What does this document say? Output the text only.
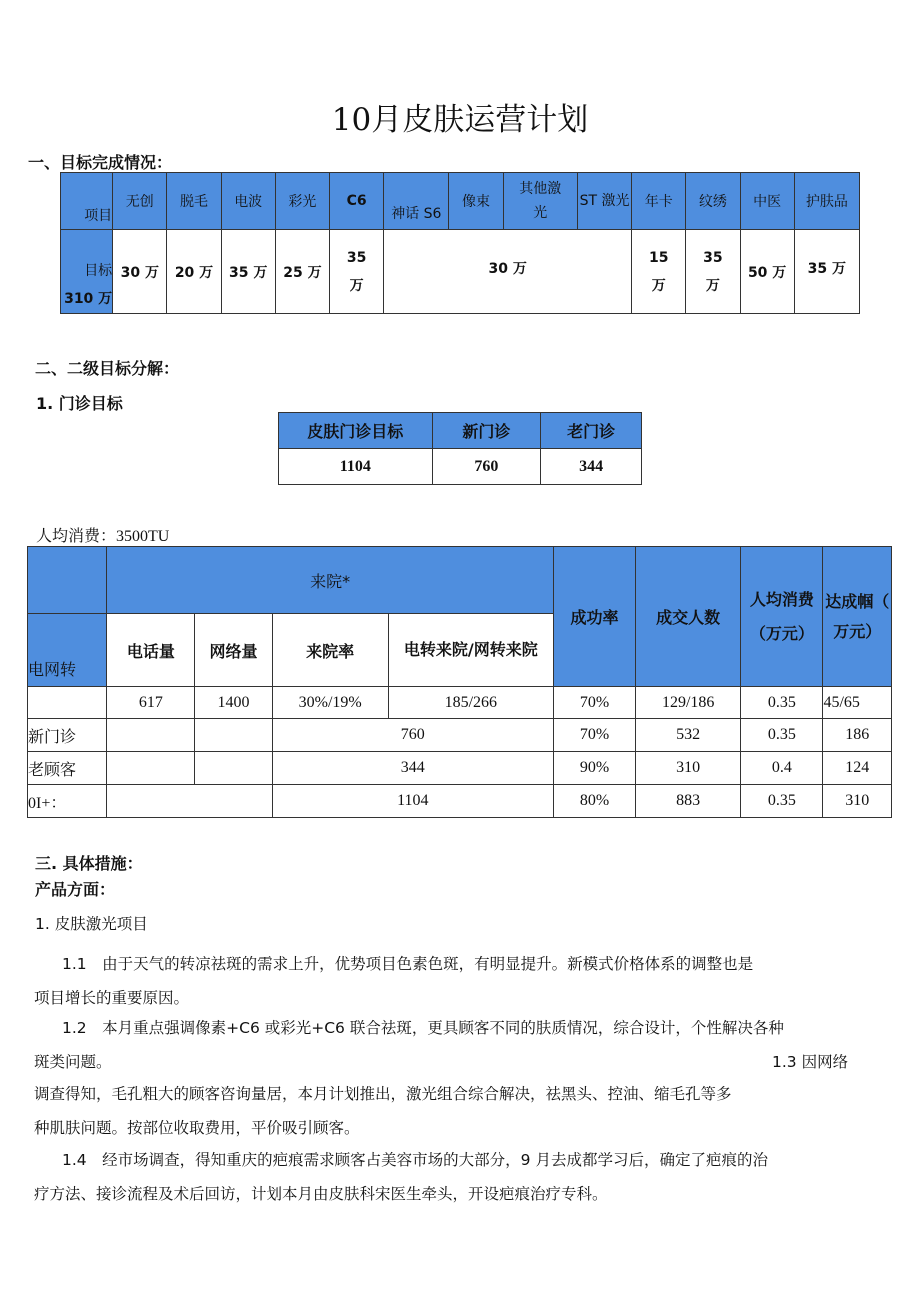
10月皮肤运营计划
一、目标完成情况：
项目	无创	脱毛	电波	彩光	C6	神话 S6	像束	其他激光	ST 激光	年卡	纹绣	中医	护肤品

目标
310 万	30 万	20 万	35 万	25 万	35万	30 万				15万	35万	50 万	35 万
二、二级目标分解：
1. 门诊目标
皮肤门诊目标	新门诊	老门诊
1104	760	344
人均消费：3500TU
	来院*				成功率	成交人数	人均消费（万元）	达成帼（ 万元）
电网转	电话量	网络量	来院率	电转来院/网转来院				
	617	1400	30%/19%	185/266	70%	129/186	0.35	45/65
新门诊			760		70%	532	0.35	186
老顾客			344		90%	310	0.4	124
0I+：			1104		80%	883	0.35	310
三. 具体措施：
产品方面：
1. 皮肤激光项目
1.1　由于天气的转凉祛斑的需求上升，优势项目色素色斑，有明显提升。新模式价格体系的调整也是
项目增长的重要原因。
1.2　本月重点强调像素+C6 或彩光+C6 联合祛斑，更具顾客不同的肤质情况，综合设计，个性解决各种
斑类问题。	1.3 因网络
调查得知，毛孔粗大的顾客咨询量居，本月计划推出，激光组合综合解决，祛黑头、控油、缩毛孔等多
种肌肤问题。按部位收取费用，平价吸引顾客。
1.4　经市场调查，得知重庆的疤痕需求顾客占美容市场的大部分，9 月去成都学习后，确定了疤痕的治
疗方法、接诊流程及术后回访，计划本月由皮肤科宋医生牵头，开设疤痕治疗专科。
